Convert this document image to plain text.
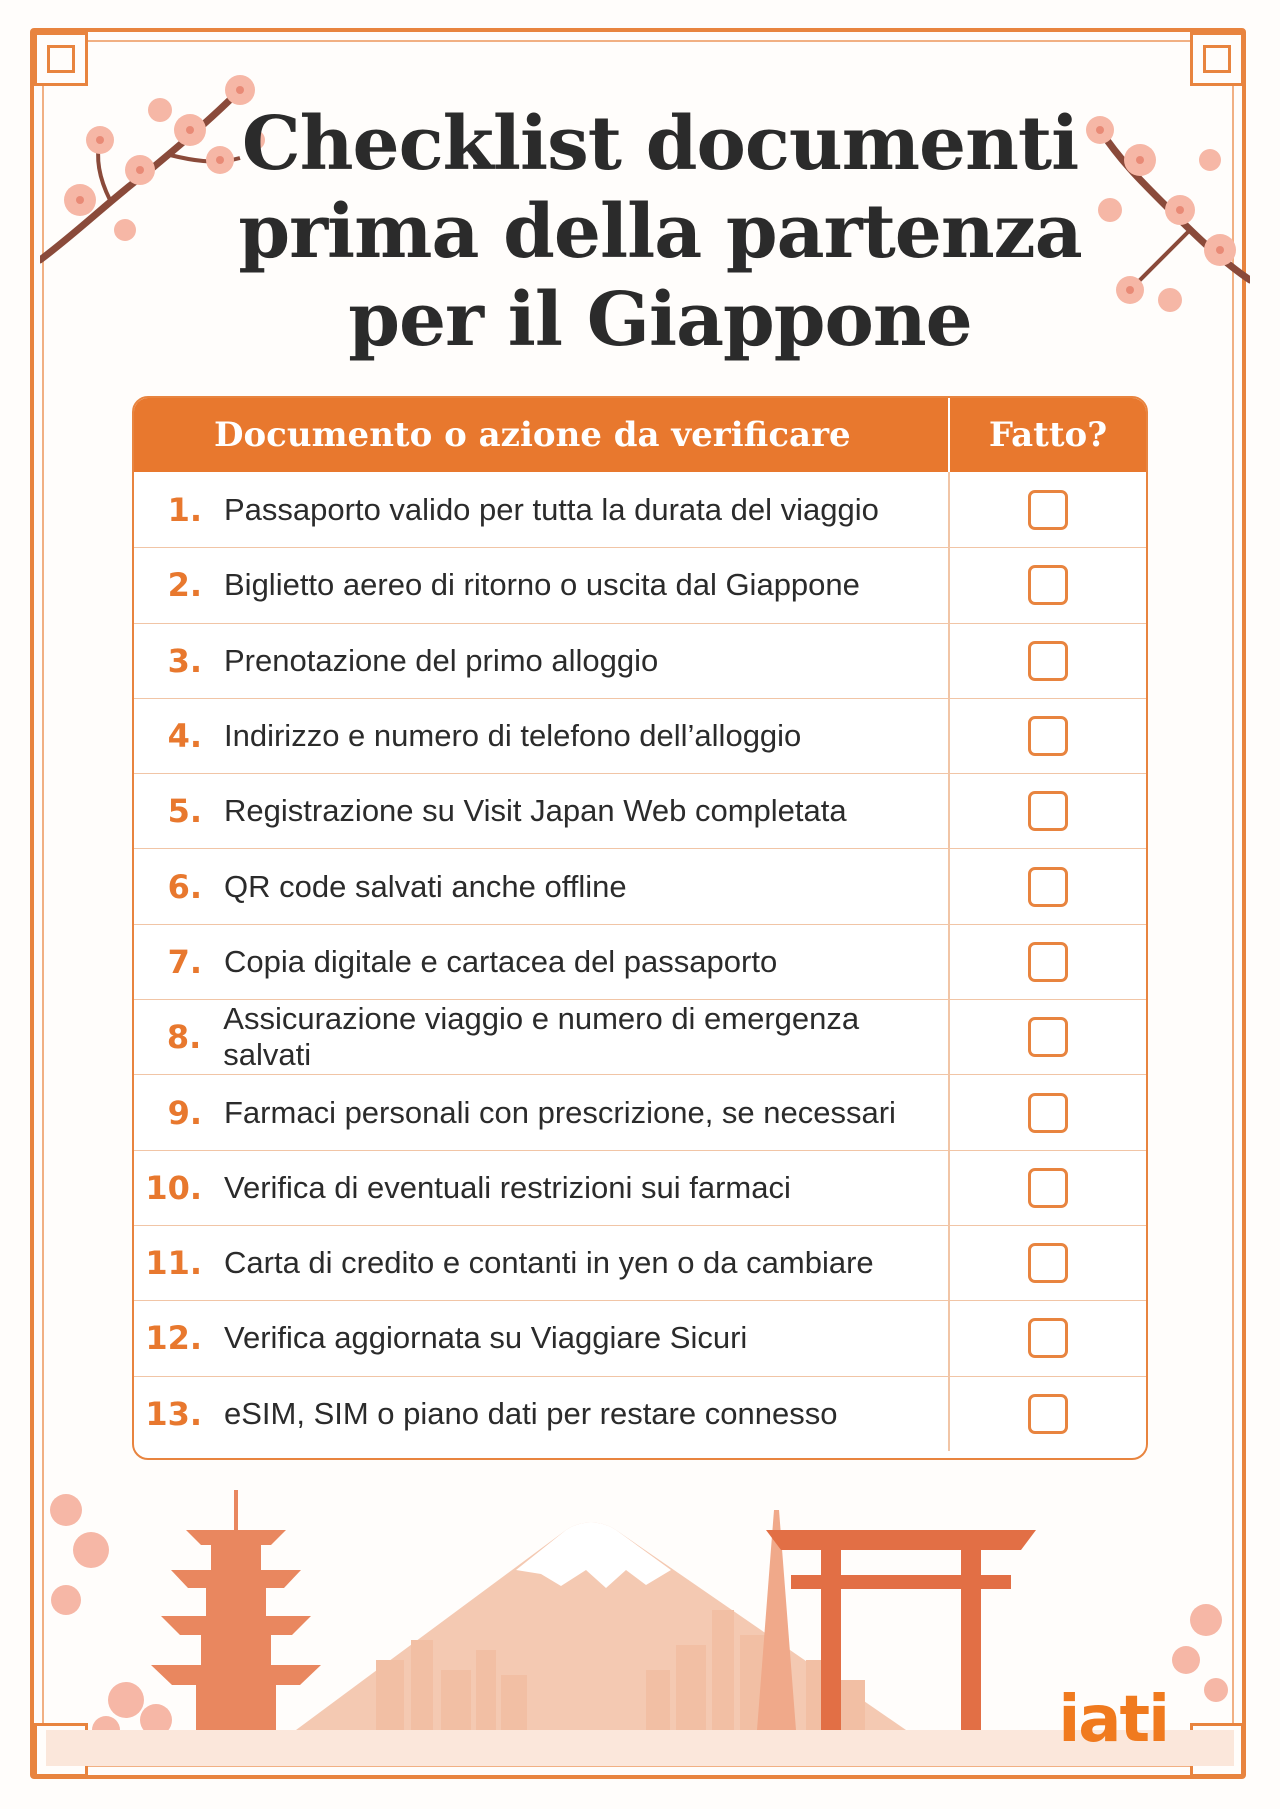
Checklist documenti
prima della partenza
per il Giappone
Documento o azione da verificare	Fatto?
1. Passaporto valido per tutta la durata del viaggio
2. Biglietto aereo di ritorno o uscita dal Giappone
3. Prenotazione del primo alloggio
4. Indirizzo e numero di telefono dell’alloggio
5. Registrazione su Visit Japan Web completata
6. QR code salvati anche offline
7. Copia digitale e cartacea del passaporto
8. Assicurazione viaggio e numero di emergenza salvati
9. Farmaci personali con prescrizione, se necessari
10. Verifica di eventuali restrizioni sui farmaci
11. Carta di credito e contanti in yen o da cambiare
12. Verifica aggiornata su Viaggiare Sicuri
13. eSIM, SIM o piano dati per restare connesso
iati
